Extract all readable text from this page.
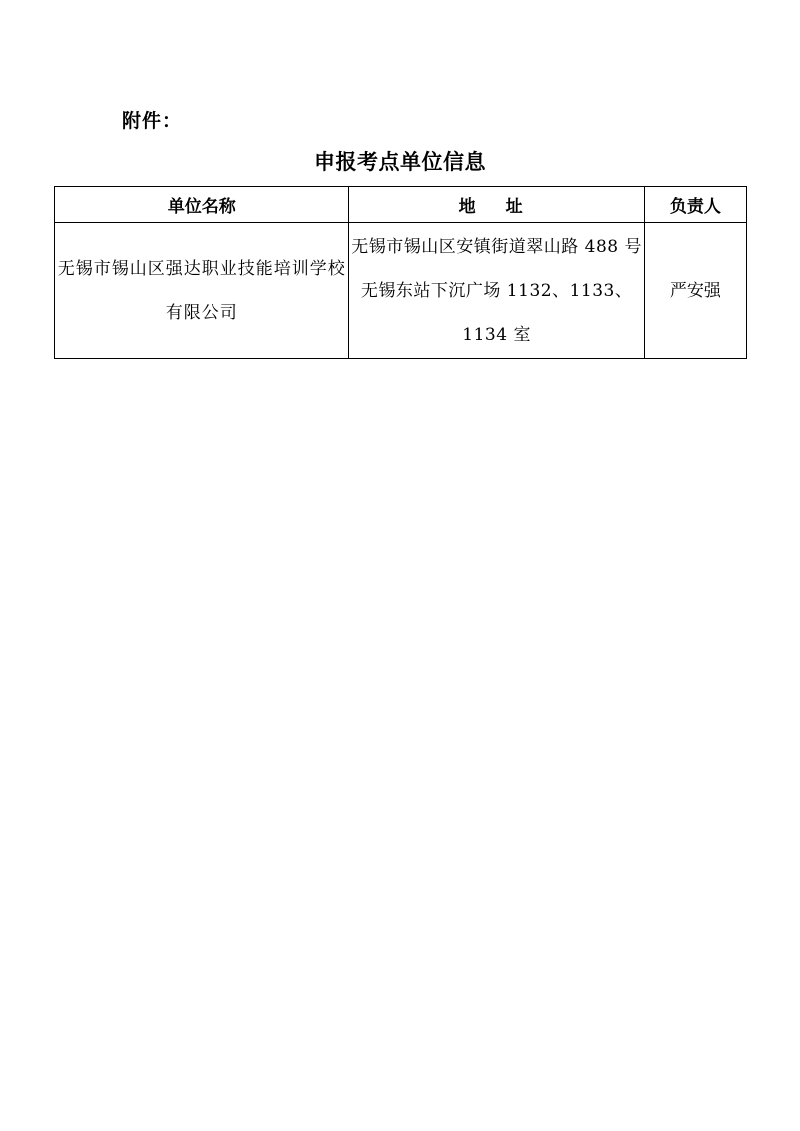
附件：
申报考点单位信息
单位名称	地 址	负责人
无锡市锡山区强达职业技能培训学校有限公司	无锡市锡山区安镇街道翠山路 488 号无锡东站下沉广场 1132、1133、1134 室	严安强
